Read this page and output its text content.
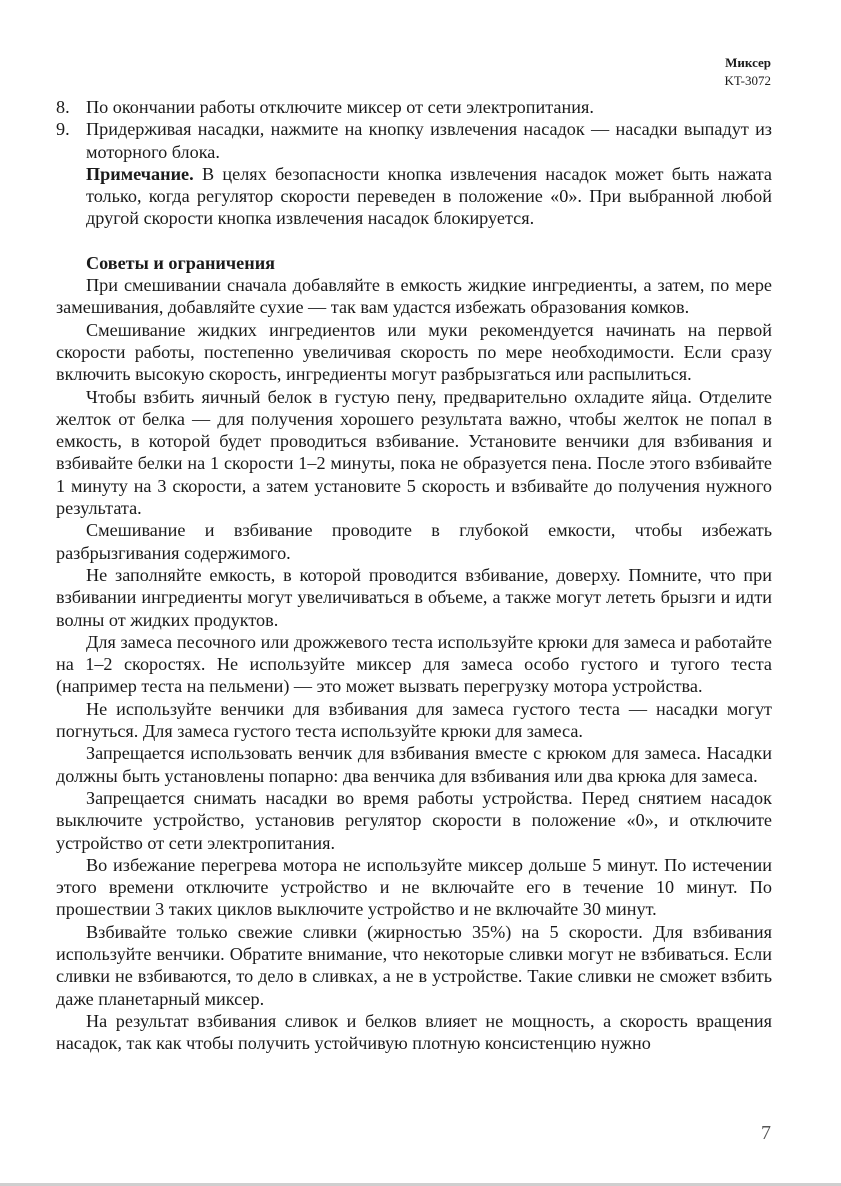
Миксер
KT-3072

8. По окончании работы отключите миксер от сети электропитания.

9. Придерживая насадки, нажмите на кнопку извлечения насадок — насадки выпадут из моторного блока.

Примечание. В целях безопасности кнопка извлечения насадок может быть нажата только, когда регулятор скорости переведен в положение «0». При выбранной любой другой скорости кнопка извлечения насадок блокируется.

Советы и ограничения

При смешивании сначала добавляйте в емкость жидкие ингредиенты, а затем, по мере замешивания, добавляйте сухие — так вам удастся избежать образования комков.

Смешивание жидких ингредиентов или муки рекомендуется начинать на первой скорости работы, постепенно увеличивая скорость по мере необходимости. Если сразу включить высокую скорость, ингредиенты могут разбрызгаться или распылиться.

Чтобы взбить яичный белок в густую пену, предварительно охладите яйца. Отделите желток от белка — для получения хорошего результата важно, чтобы желток не попал в емкость, в которой будет проводиться взбивание. Установите венчики для взбивания и взбивайте белки на 1 скорости 1–2 минуты, пока не образуется пена. После этого взбивайте 1 минуту на 3 скорости, а затем установите 5 скорость и взбивайте до получения нужного результата.

Смешивание и взбивание проводите в глубокой емкости, чтобы избежать разбрызгивания содержимого.

Не заполняйте емкость, в которой проводится взбивание, доверху. Помните, что при взбивании ингредиенты могут увеличиваться в объеме, а также могут лететь брызги и идти волны от жидких продуктов.

Для замеса песочного или дрожжевого теста используйте крюки для замеса и работайте на 1–2 скоростях. Не используйте миксер для замеса особо густого и тугого теста (например теста на пельмени) — это может вызвать перегрузку мотора устройства.

Не используйте венчики для взбивания для замеса густого теста — насадки могут погнуться. Для замеса густого теста используйте крюки для замеса.

Запрещается использовать венчик для взбивания вместе с крюком для замеса. Насадки должны быть установлены попарно: два венчика для взбивания или два крюка для замеса.

Запрещается снимать насадки во время работы устройства. Перед снятием насадок выключите устройство, установив регулятор скорости в положение «0», и отключите устройство от сети электропитания.

Во избежание перегрева мотора не используйте миксер дольше 5 минут. По истечении этого времени отключите устройство и не включайте его в течение 10 минут. По прошествии 3 таких циклов выключите устройство и не включайте 30 минут.

Взбивайте только свежие сливки (жирностью 35%) на 5 скорости. Для взбивания используйте венчики. Обратите внимание, что некоторые сливки могут не взбиваться. Если сливки не взбиваются, то дело в сливках, а не в устройстве. Такие сливки не сможет взбить даже планетарный миксер.

На результат взбивания сливок и белков влияет не мощность, а скорость вращения насадок, так как чтобы получить устойчивую плотную консистенцию нужно

7
